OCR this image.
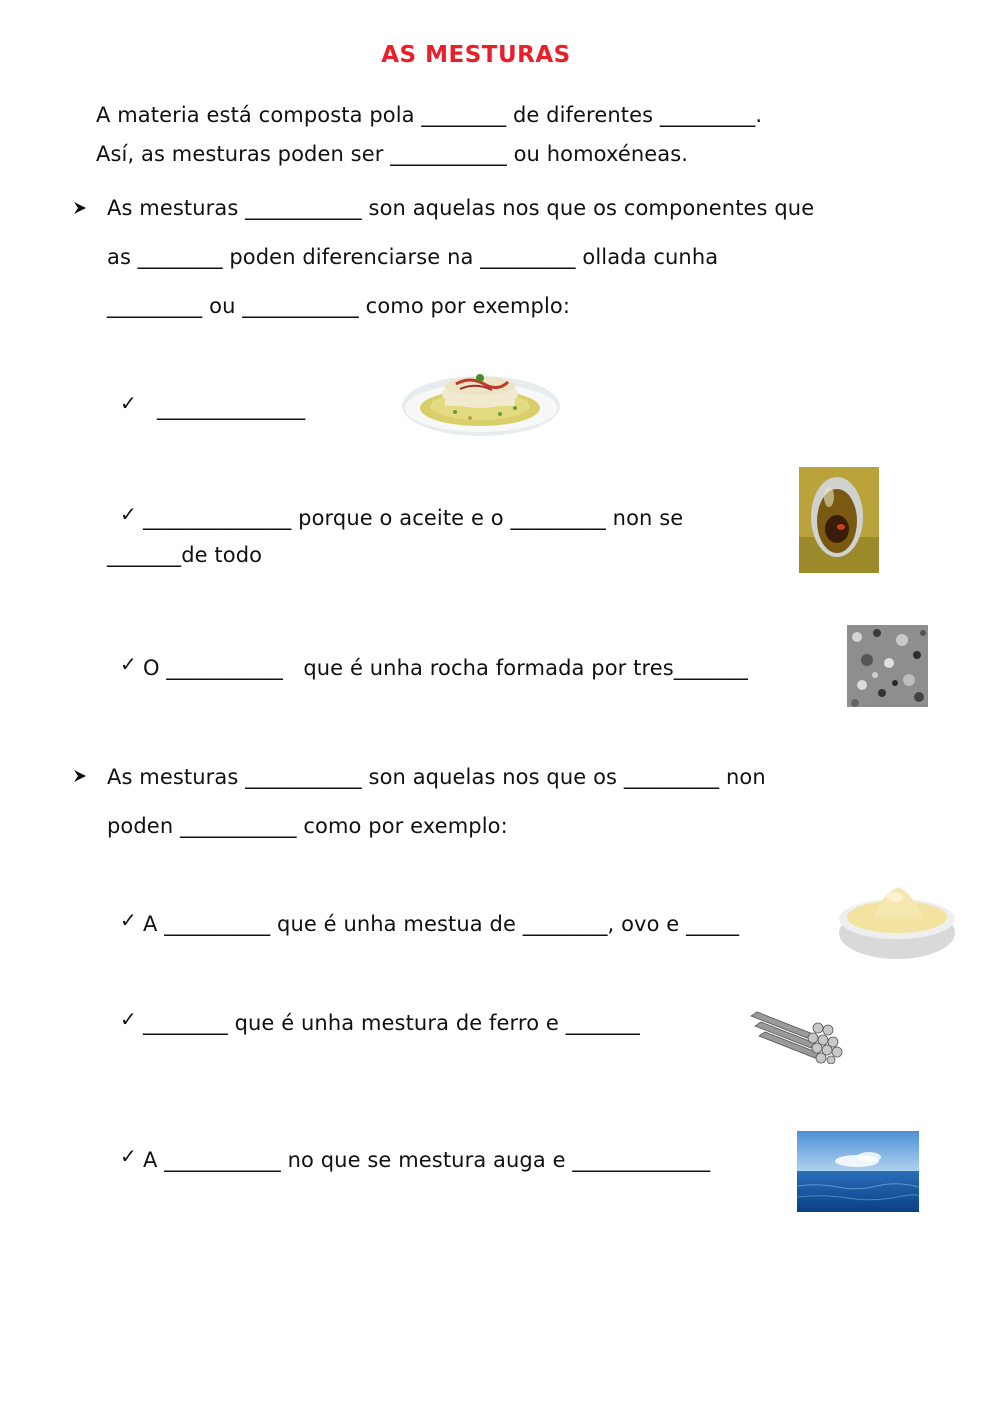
AS MESTURAS
A materia está composta pola ________ de diferentes _________.
Así, as mesturas poden ser ___________ ou homoxéneas.
As mesturas ___________ son aquelas nos que os componentes que
as ________ poden diferenciarse na _________ ollada cunha
_________ ou ___________ como por exemplo:
✓ ______________
✓ ______________ porque o aceite e o _________ non se
_______de todo
✓ O ___________   que é unha rocha formada por tres_______
As mesturas ___________ son aquelas nos que os _________ non
poden ___________ como por exemplo:
✓ A __________ que é unha mestua de ________, ovo e _____
✓ ________ que é unha mestura de ferro e _______
✓ A ___________ no que se mestura auga e _____________
